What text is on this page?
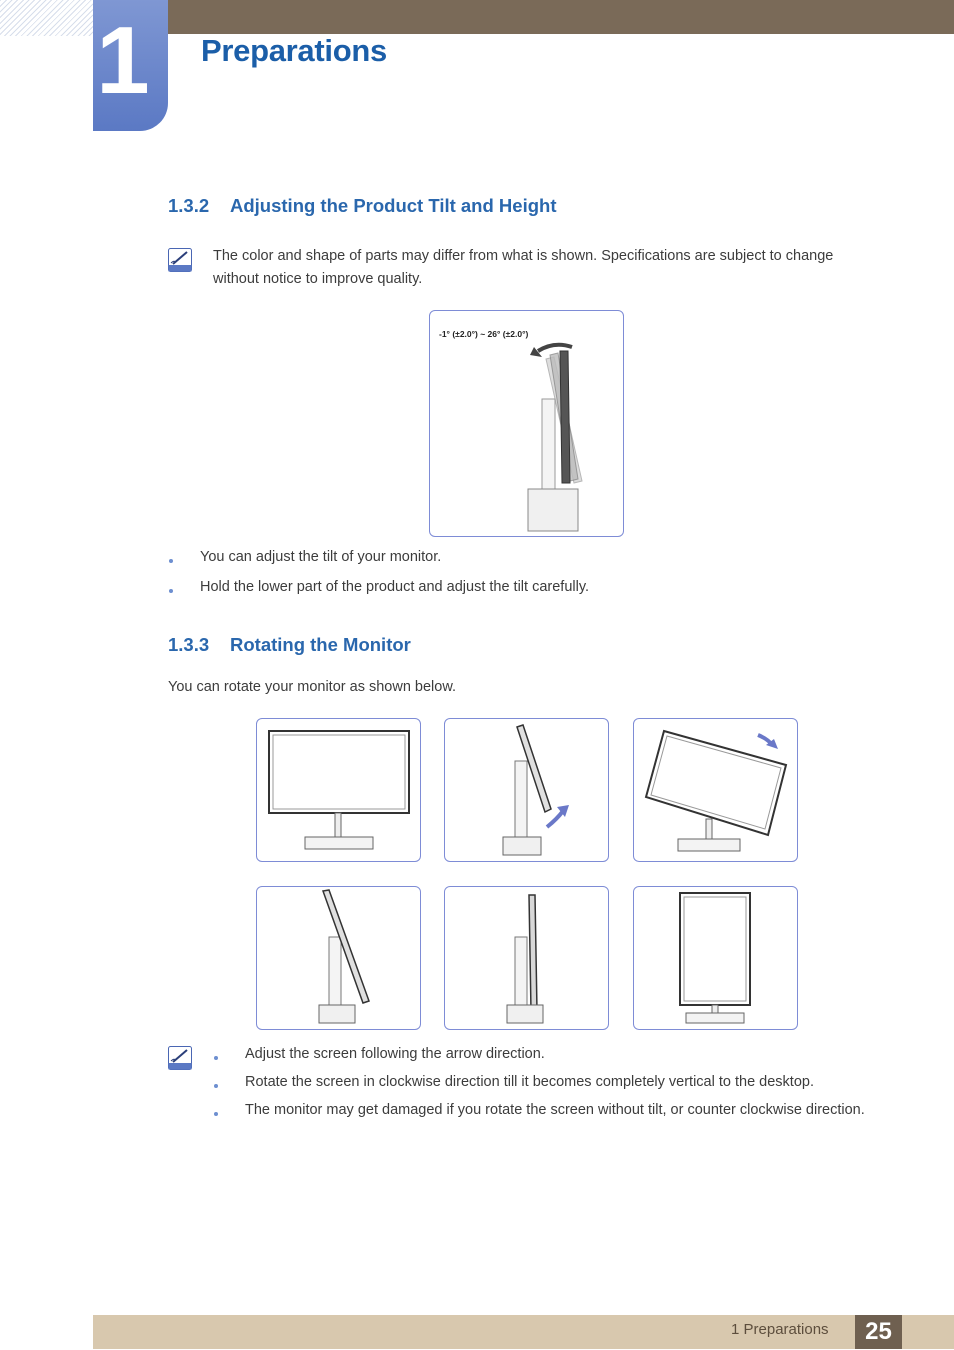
1 Preparations
1.3.2 Adjusting the Product Tilt and Height
The color and shape of parts may differ from what is shown. Specifications are subject to change
without notice to improve quality.
-1° (±2.0°) ~ 26° (±2.0°)
You can adjust the tilt of your monitor.
Hold the lower part of the product and adjust the tilt carefully.
1.3.3 Rotating the Monitor
You can rotate your monitor as shown below.
Adjust the screen following the arrow direction.
Rotate the screen in clockwise direction till it becomes completely vertical to the desktop.
The monitor may get damaged if you rotate the screen without tilt, or counter clockwise direction.
1 Preparations	25
